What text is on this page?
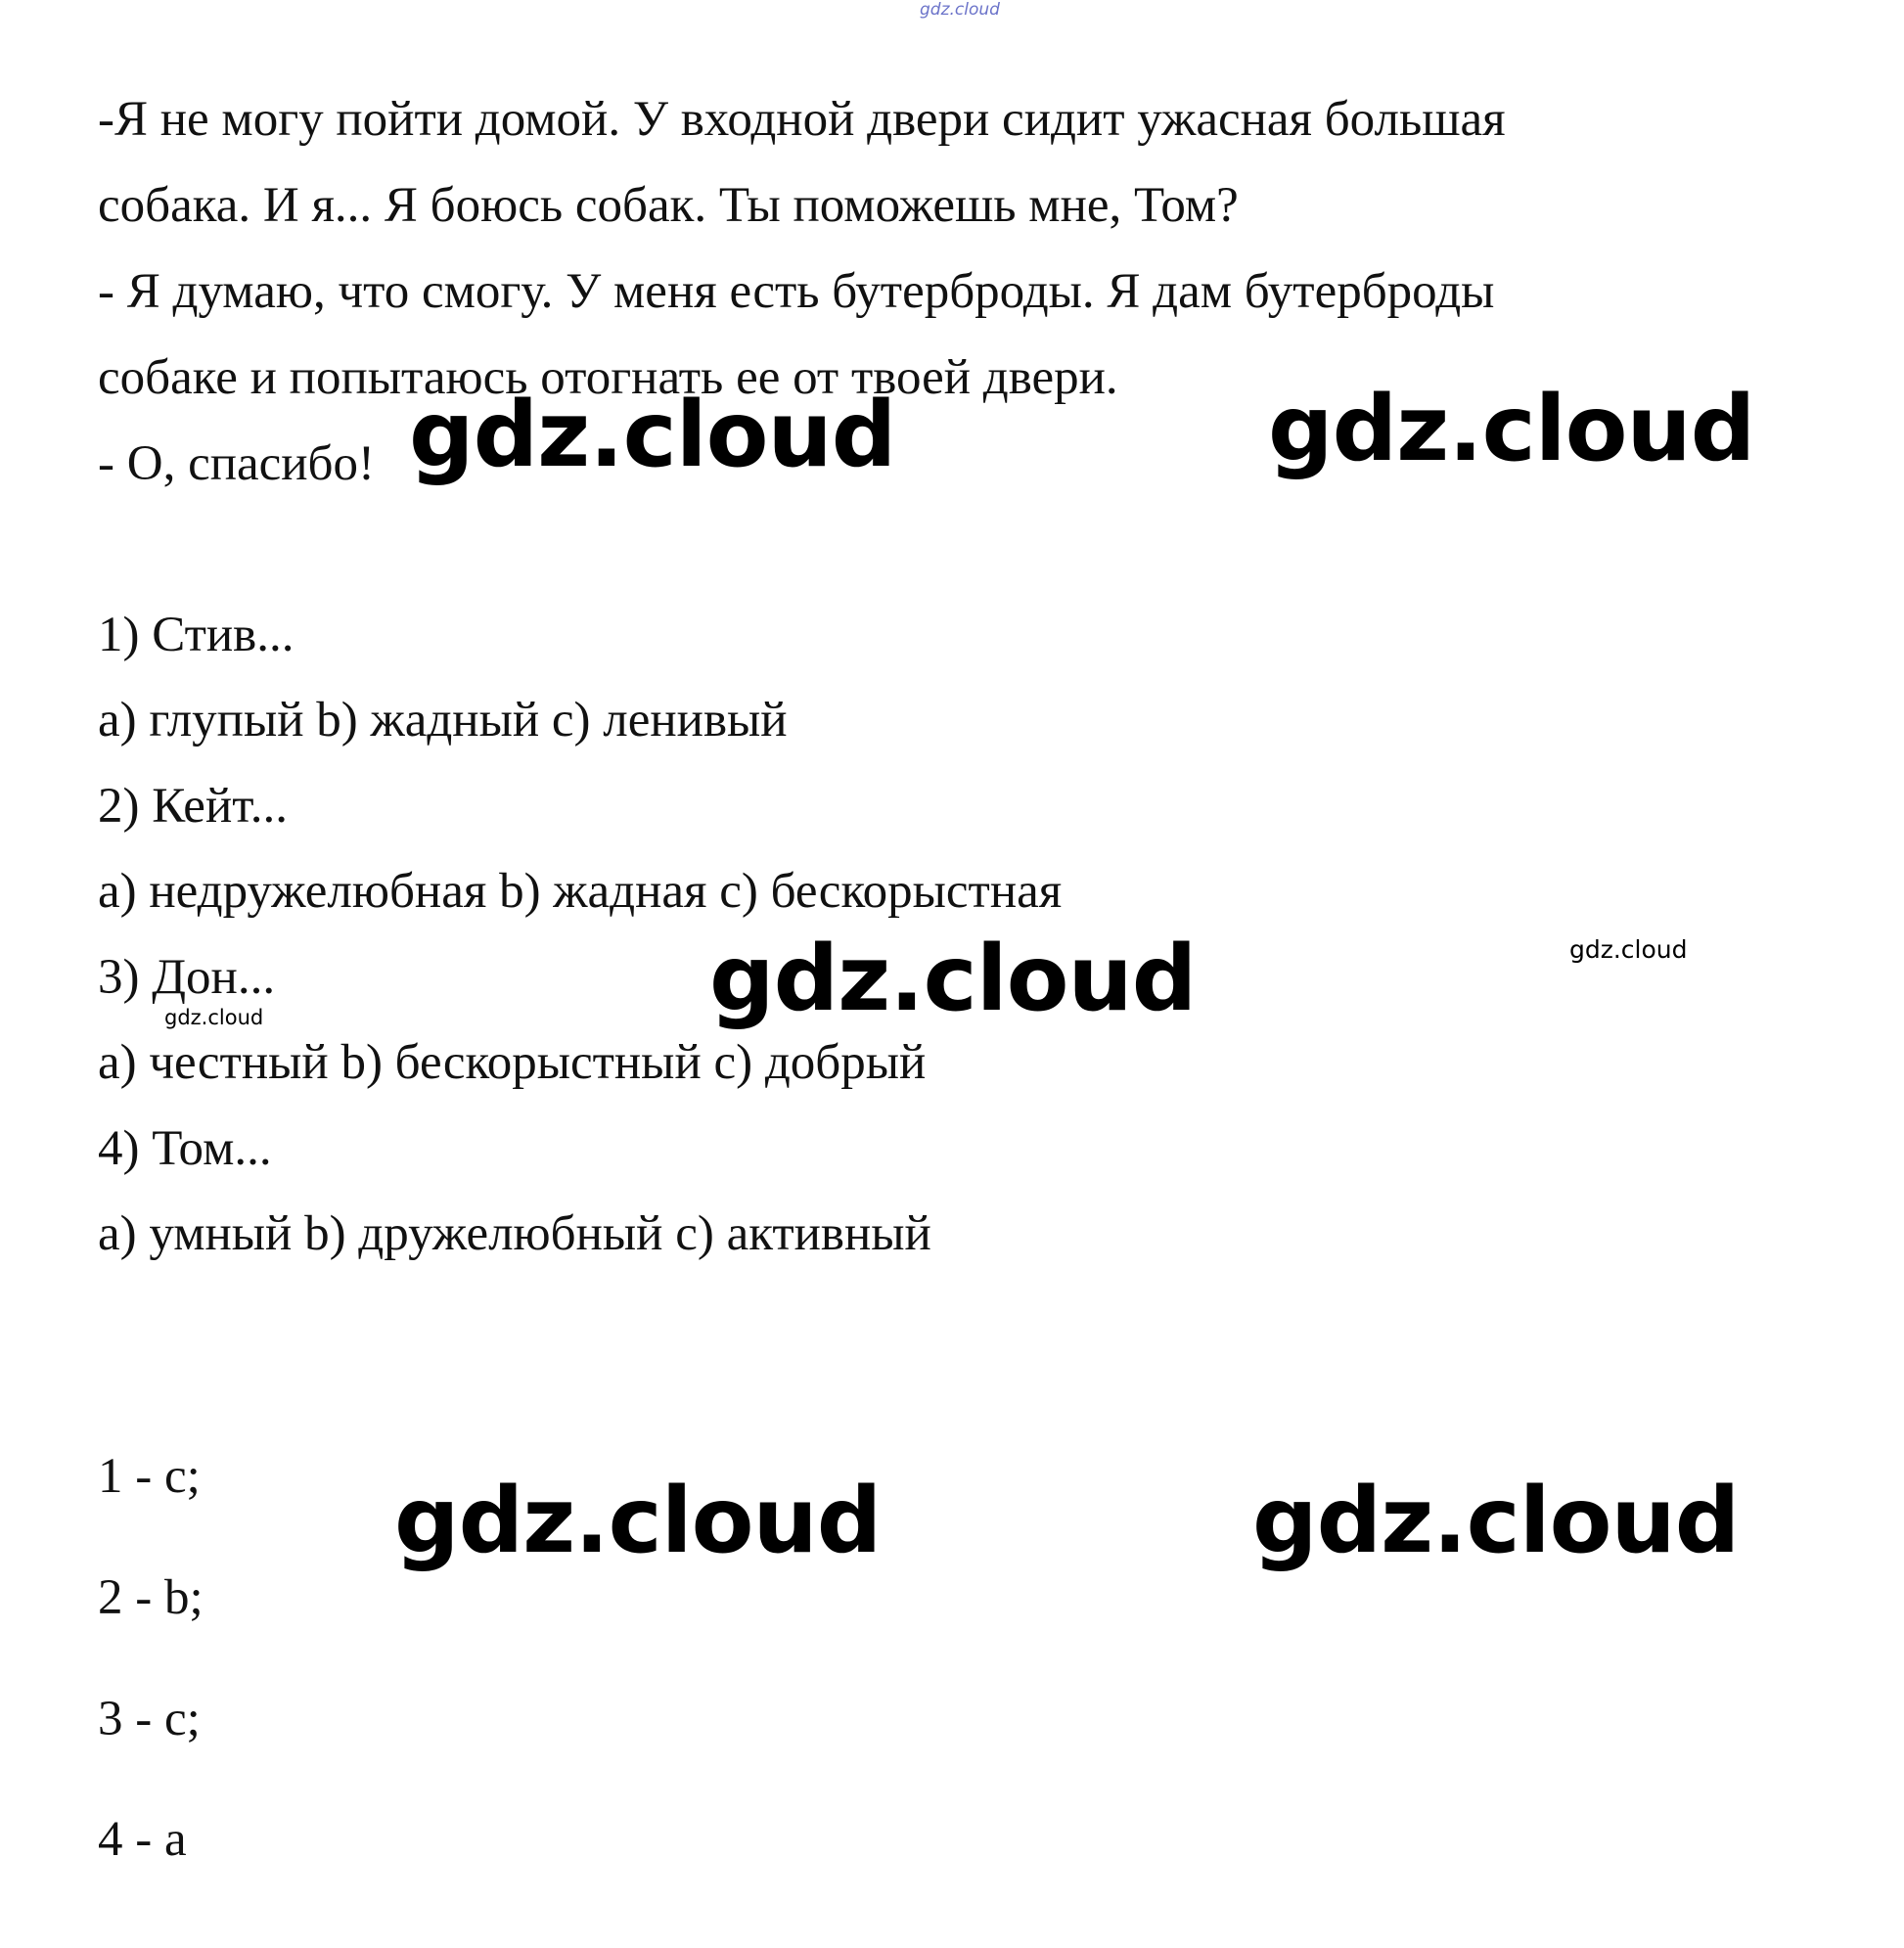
gdz.cloud

-Я не могу пойти домой. У входной двери сидит ужасная большая

собака. И я... Я боюсь собак. Ты поможешь мне, Том?

- Я думаю, что смогу. У меня есть бутерброды. Я дам бутерброды

собаке и попытаюсь отогнать ее от твоей двери.

- О, спасибо!

1) Стив...

a) глупый b) жадный c) ленивый

2) Кейт...

a) недружелюбная b) жадная c) бескорыстная

3) Дон...

a) честный b) бескорыстный c) добрый

4) Том...

a) умный b) дружелюбный c) активный

1 - c;

2 - b;

3 - c;

4 - a

gdz.cloud	gdz.cloud
gdz.cloud
gdz.cloud	gdz.cloud
gdz.cloud
gdz.cloud
